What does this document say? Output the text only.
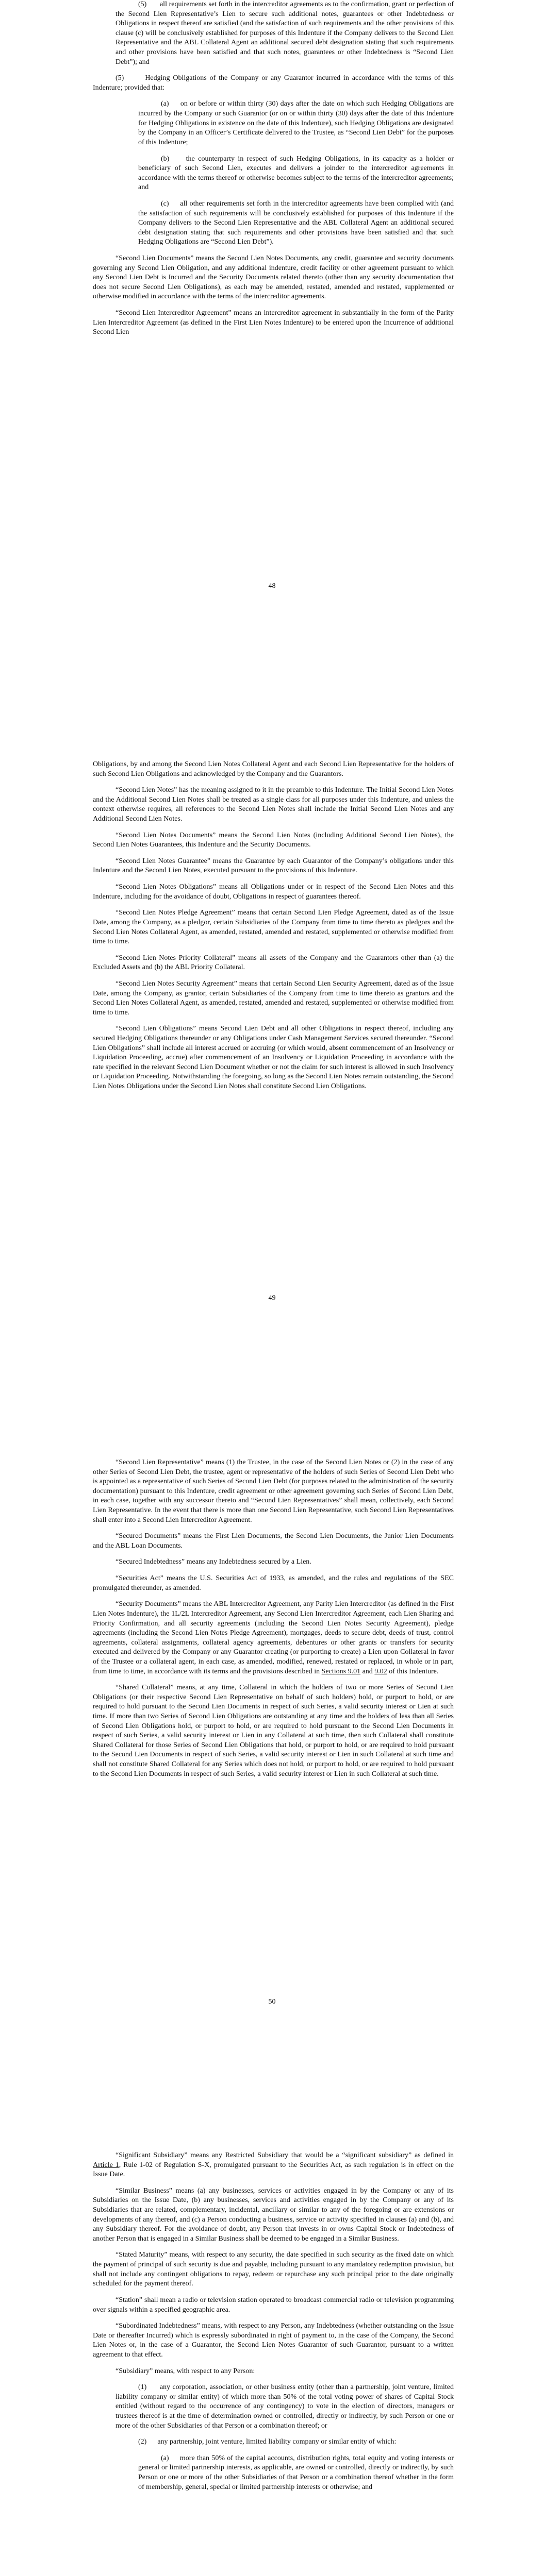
(5)       all requirements set forth in the intercreditor agreements as to the confirmation, grant or perfection of the Second Lien Representative’s Lien to secure such additional notes, guarantees or other Indebtedness or Obligations in respect thereof are satisfied (and the satisfaction of such requirements and the other provisions of this clause (c) will be conclusively established for purposes of this Indenture if the Company delivers to the Second Lien Representative and the ABL Collateral Agent an additional secured debt designation stating that such requirements and other provisions have been satisfied and that such notes, guarantees or other Indebtedness is “Second Lien Debt”); and

(5)       Hedging Obligations of the Company or any Guarantor incurred in accordance with the terms of this Indenture; provided that:

(a)     on or before or within thirty (30) days after the date on which such Hedging Obligations are incurred by the Company or such Guarantor (or on or within thirty (30) days after the date of this Indenture for Hedging Obligations in existence on the date of this Indenture), such Hedging Obligations are designated by the Company in an Officer’s Certificate delivered to the Trustee, as “Second Lien Debt” for the purposes of this Indenture;

(b)     the counterparty in respect of such Hedging Obligations, in its capacity as a holder or beneficiary of such Second Lien, executes and delivers a joinder to the intercreditor agreements in accordance with the terms thereof or otherwise becomes subject to the terms of the intercreditor agreements; and

(c)     all other requirements set forth in the intercreditor agreements have been complied with (and the satisfaction of such requirements will be conclusively established for purposes of this Indenture if the Company delivers to the Second Lien Representative and the ABL Collateral Agent an additional secured debt designation stating that such requirements and other provisions have been satisfied and that such Hedging Obligations are “Second Lien Debt”).

“Second Lien Documents” means the Second Lien Notes Documents, any credit, guarantee and security documents governing any Second Lien Obligation, and any additional indenture, credit facility or other agreement pursuant to which any Second Lien Debt is Incurred and the Security Documents related thereto (other than any security documentation that does not secure Second Lien Obligations), as each may be amended, restated, amended and restated, supplemented or otherwise modified in accordance with the terms of the intercreditor agreements.

“Second Lien Intercreditor Agreement” means an intercreditor agreement in substantially in the form of the Parity Lien Intercreditor Agreement (as defined in the First Lien Notes Indenture) to be entered upon the Incurrence of additional Second Lien

48

Obligations, by and among the Second Lien Notes Collateral Agent and each Second Lien Representative for the holders of such Second Lien Obligations and acknowledged by the Company and the Guarantors.

“Second Lien Notes” has the meaning assigned to it in the preamble to this Indenture. The Initial Second Lien Notes and the Additional Second Lien Notes shall be treated as a single class for all purposes under this Indenture, and unless the context otherwise requires, all references to the Second Lien Notes shall include the Initial Second Lien Notes and any Additional Second Lien Notes.

“Second Lien Notes Documents” means the Second Lien Notes (including Additional Second Lien Notes), the Second Lien Notes Guarantees, this Indenture and the Security Documents.

“Second Lien Notes Guarantee” means the Guarantee by each Guarantor of the Company’s obligations under this Indenture and the Second Lien Notes, executed pursuant to the provisions of this Indenture.

“Second Lien Notes Obligations” means all Obligations under or in respect of the Second Lien Notes and this Indenture, including for the avoidance of doubt, Obligations in respect of guarantees thereof.

“Second Lien Notes Pledge Agreement” means that certain Second Lien Pledge Agreement, dated as of the Issue Date, among the Company, as a pledgor, certain Subsidiaries of the Company from time to time thereto as pledgors and the Second Lien Notes Collateral Agent, as amended, restated, amended and restated, supplemented or otherwise modified from time to time.

“Second Lien Notes Priority Collateral” means all assets of the Company and the Guarantors other than (a) the Excluded Assets and (b) the ABL Priority Collateral.

“Second Lien Notes Security Agreement” means that certain Second Lien Security Agreement, dated as of the Issue Date, among the Company, as grantor, certain Subsidiaries of the Company from time to time thereto as grantors and the Second Lien Notes Collateral Agent, as amended, restated, amended and restated, supplemented or otherwise modified from time to time.

“Second Lien Obligations” means Second Lien Debt and all other Obligations in respect thereof, including any secured Hedging Obligations thereunder or any Obligations under Cash Management Services secured thereunder. “Second Lien Obligations” shall include all interest accrued or accruing (or which would, absent commencement of an Insolvency or Liquidation Proceeding, accrue) after commencement of an Insolvency or Liquidation Proceeding in accordance with the rate specified in the relevant Second Lien Document whether or not the claim for such interest is allowed in such Insolvency or Liquidation Proceeding. Notwithstanding the foregoing, so long as the Second Lien Notes remain outstanding, the Second Lien Notes Obligations under the Second Lien Notes shall constitute Second Lien Obligations.

49

“Second Lien Representative” means (1) the Trustee, in the case of the Second Lien Notes or (2) in the case of any other Series of Second Lien Debt, the trustee, agent or representative of the holders of such Series of Second Lien Debt who is appointed as a representative of such Series of Second Lien Debt (for purposes related to the administration of the security documentation) pursuant to this Indenture, credit agreement or other agreement governing such Series of Second Lien Debt, in each case, together with any successor thereto and “Second Lien Representatives” shall mean, collectively, each Second Lien Representative. In the event that there is more than one Second Lien Representative, such Second Lien Representatives shall enter into a Second Lien Intercreditor Agreement.

“Secured Documents” means the First Lien Documents, the Second Lien Documents, the Junior Lien Documents and the ABL Loan Documents.

“Secured Indebtedness” means any Indebtedness secured by a Lien.

“Securities Act” means the U.S. Securities Act of 1933, as amended, and the rules and regulations of the SEC promulgated thereunder, as amended.

“Security Documents” means the ABL Intercreditor Agreement, any Parity Lien Intercreditor (as defined in the First Lien Notes Indenture), the 1L/2L Intercreditor Agreement, any Second Lien Intercreditor Agreement, each Lien Sharing and Priority Confirmation, and all security agreements (including the Second Lien Notes Security Agreement), pledge agreements (including the Second Lien Notes Pledge Agreement), mortgages, deeds to secure debt, deeds of trust, control agreements, collateral assignments, collateral agency agreements, debentures or other grants or transfers for security executed and delivered by the Company or any Guarantor creating (or purporting to create) a Lien upon Collateral in favor of the Trustee or a collateral agent, in each case, as amended, modified, renewed, restated or replaced, in whole or in part, from time to time, in accordance with its terms and the provisions described in Sections 9.01 and 9.02 of this Indenture.

“Shared Collateral” means, at any time, Collateral in which the holders of two or more Series of Second Lien Obligations (or their respective Second Lien Representative on behalf of such holders) hold, or purport to hold, or are required to hold pursuant to the Second Lien Documents in respect of such Series, a valid security interest or Lien at such time. If more than two Series of Second Lien Obligations are outstanding at any time and the holders of less than all Series of Second Lien Obligations hold, or purport to hold, or are required to hold pursuant to the Second Lien Documents in respect of such Series, a valid security interest or Lien in any Collateral at such time, then such Collateral shall constitute Shared Collateral for those Series of Second Lien Obligations that hold, or purport to hold, or are required to hold pursuant to the Second Lien Documents in respect of such Series, a valid security interest or Lien in such Collateral at such time and shall not constitute Shared Collateral for any Series which does not hold, or purport to hold, or are required to hold pursuant to the Second Lien Documents in respect of such Series, a valid security interest or Lien in such Collateral at such time.

50

“Significant Subsidiary” means any Restricted Subsidiary that would be a “significant subsidiary” as defined in Article 1, Rule 1-02 of Regulation S-X, promulgated pursuant to the Securities Act, as such regulation is in effect on the Issue Date.

“Similar Business” means (a) any businesses, services or activities engaged in by the Company or any of its Subsidiaries on the Issue Date, (b) any businesses, services and activities engaged in by the Company or any of its Subsidiaries that are related, complementary, incidental, ancillary or similar to any of the foregoing or are extensions or developments of any thereof, and (c) a Person conducting a business, service or activity specified in clauses (a) and (b), and any Subsidiary thereof. For the avoidance of doubt, any Person that invests in or owns Capital Stock or Indebtedness of another Person that is engaged in a Similar Business shall be deemed to be engaged in a Similar Business.

“Stated Maturity” means, with respect to any security, the date specified in such security as the fixed date on which the payment of principal of such security is due and payable, including pursuant to any mandatory redemption provision, but shall not include any contingent obligations to repay, redeem or repurchase any such principal prior to the date originally scheduled for the payment thereof.

“Station” shall mean a radio or television station operated to broadcast commercial radio or television programming over signals within a specified geographic area.

“Subordinated Indebtedness” means, with respect to any Person, any Indebtedness (whether outstanding on the Issue Date or thereafter Incurred) which is expressly subordinated in right of payment to, in the case of the Company, the Second Lien Notes or, in the case of a Guarantor, the Second Lien Notes Guarantor of such Guarantor, pursuant to a written agreement to that effect.

“Subsidiary” means, with respect to any Person:

(1)      any corporation, association, or other business entity (other than a partnership, joint venture, limited liability company or similar entity) of which more than 50% of the total voting power of shares of Capital Stock entitled (without regard to the occurrence of any contingency) to vote in the election of directors, managers or trustees thereof is at the time of determination owned or controlled, directly or indirectly, by such Person or one or more of the other Subsidiaries of that Person or a combination thereof; or

(2)      any partnership, joint venture, limited liability company or similar entity of which:

(a)     more than 50% of the capital accounts, distribution rights, total equity and voting interests or general or limited partnership interests, as applicable, are owned or controlled, directly or indirectly, by such Person or one or more of the other Subsidiaries of that Person or a combination thereof whether in the form of membership, general, special or limited partnership interests or otherwise; and
